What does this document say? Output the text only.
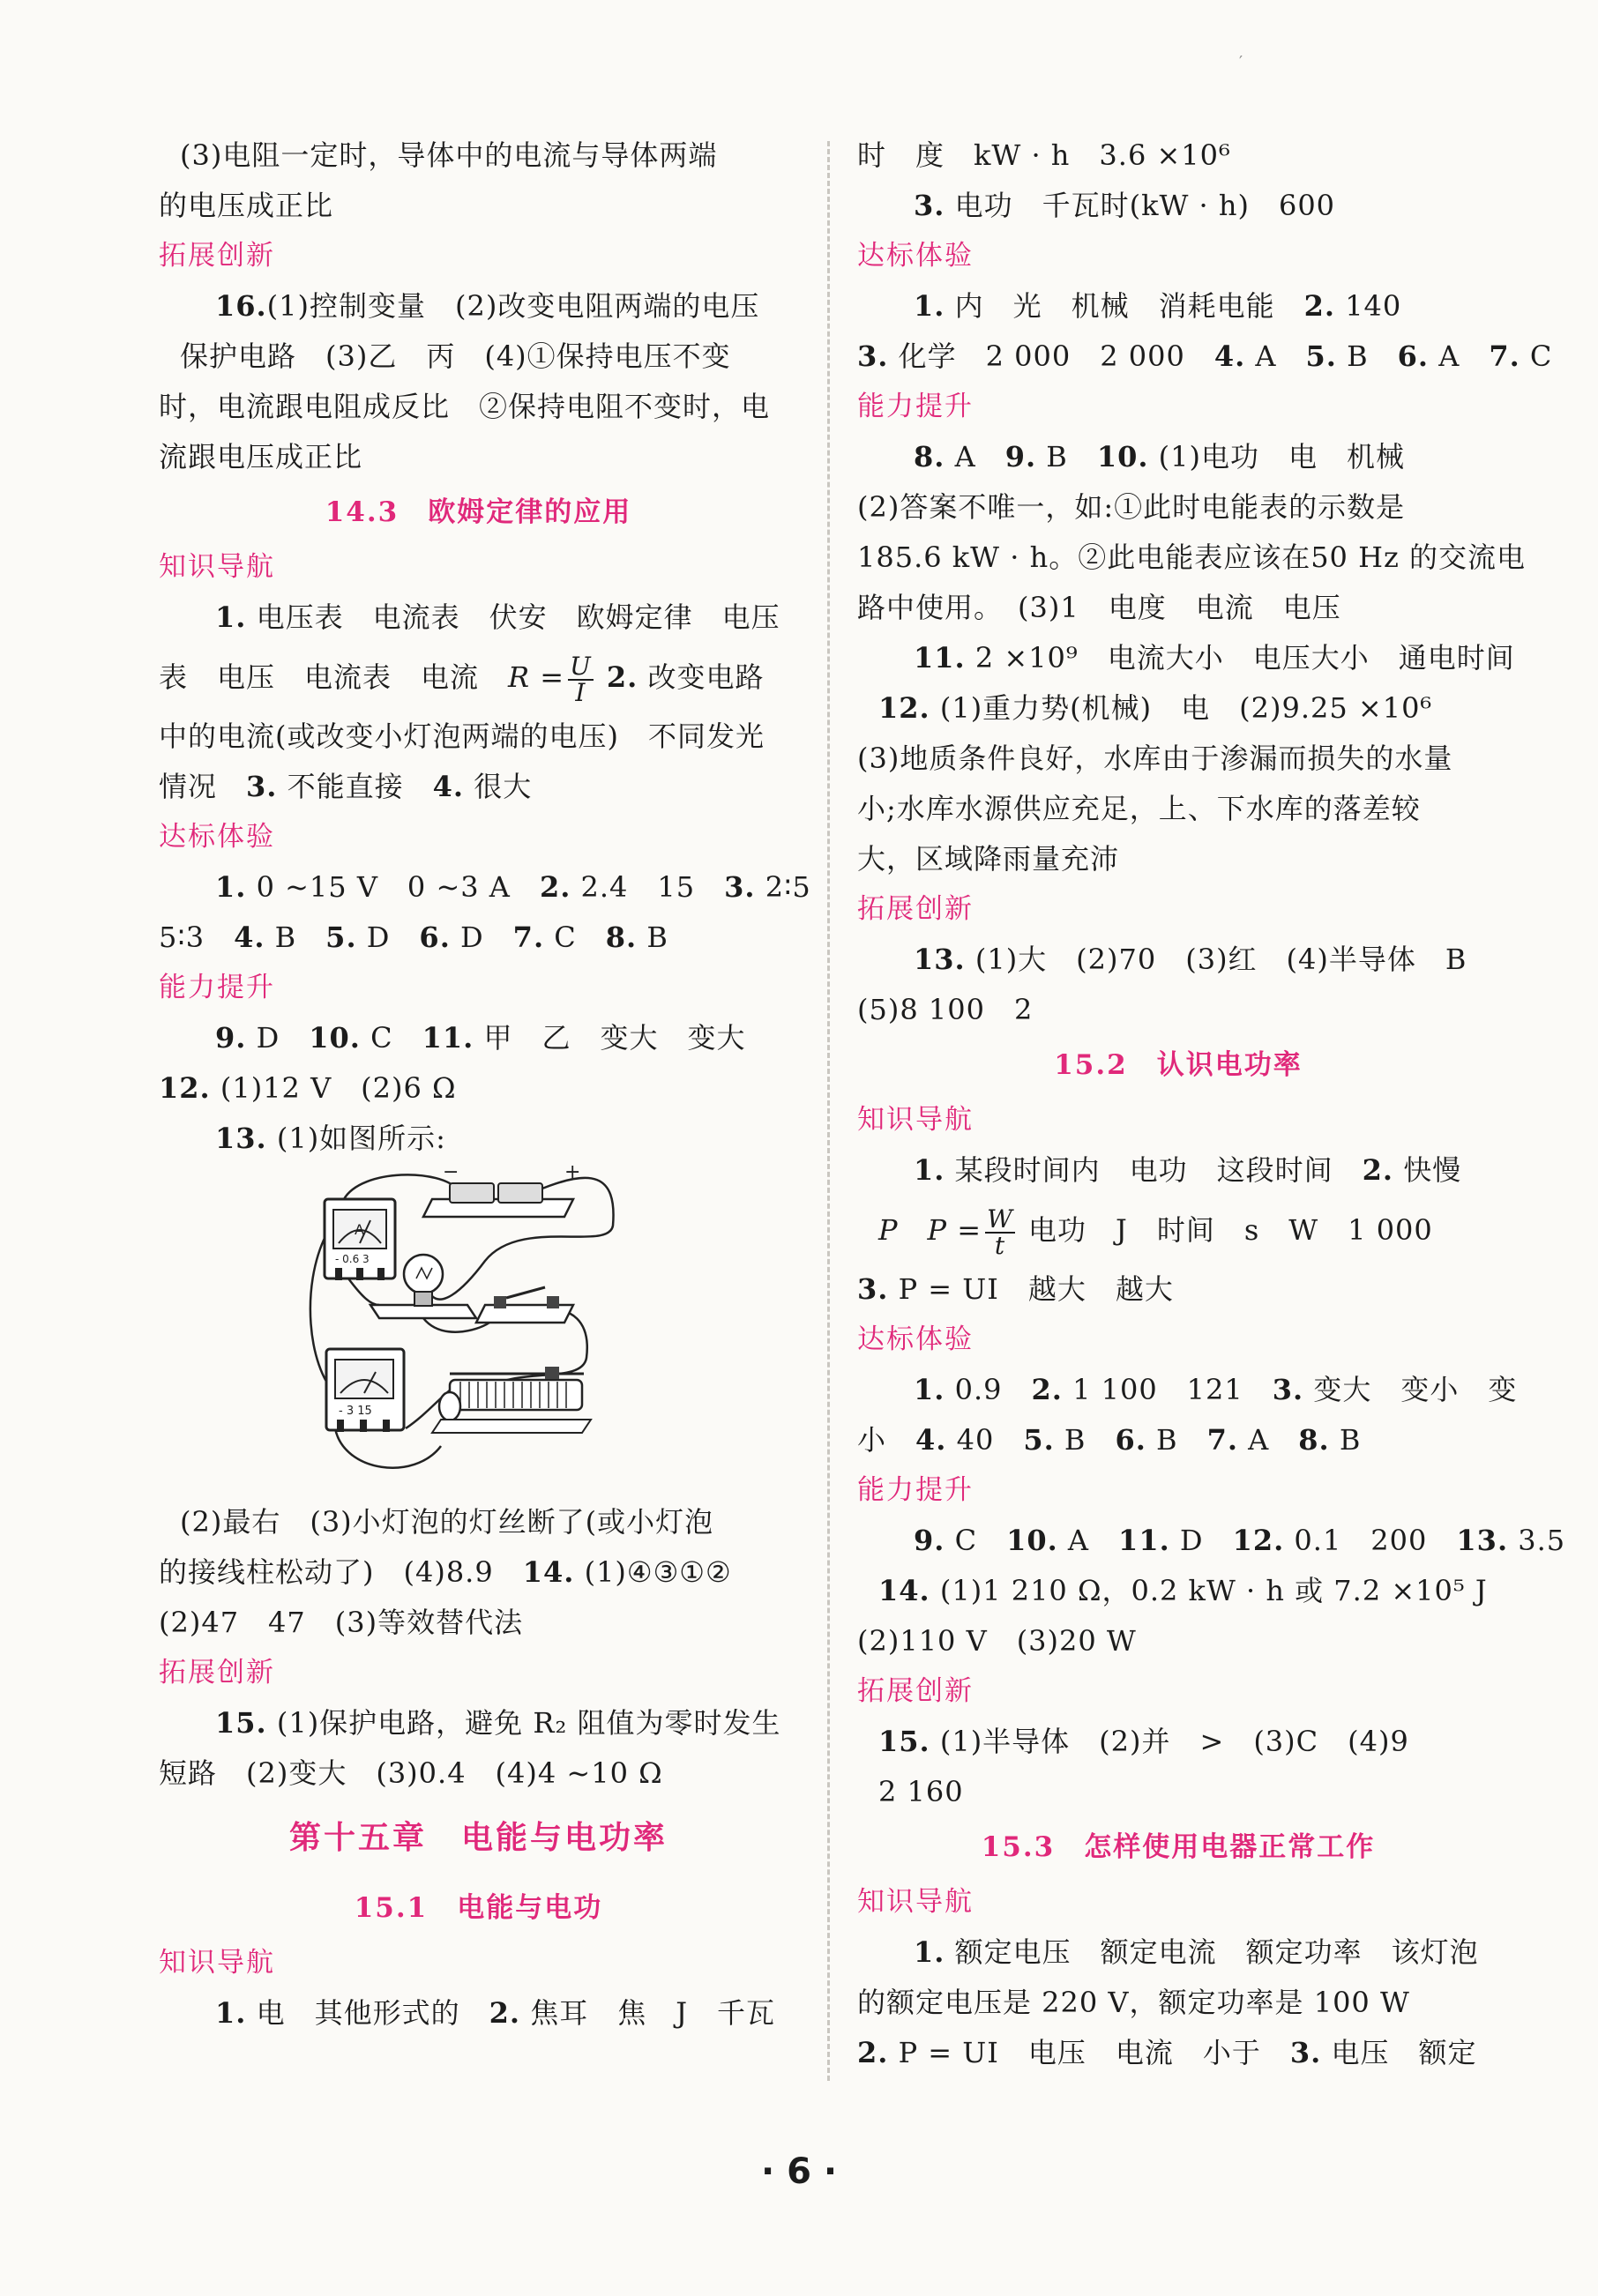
′
(3)电阻一定时，导体中的电流与导体两端
的电压成正比
拓展创新
16.(1)控制变量　(2)改变电阻两端的电压
保护电路　(3)乙　丙　(4)①保持电压不变
时，电流跟电阻成反比　②保持电阻不变时，电
流跟电压成正比
14.3　欧姆定律的应用
知识导航
1. 电压表　电流表　伏安　欧姆定律　电压
表　电压　电流表　电流　$R = \frac{U}{I} 2$. 改变电路
中的电流(或改变小灯泡两端的电压)　不同发光
情况　 3. 不能直接　 4. 很大
达标体验
1. 0 ~15 V　0 ~3 A　 2. 2.4　15　 3. 2∶5
5∶3　 4. B　 5. D　 6. D　 7. C　 8. B
能力提升
9. D　 10. C　 11. 甲　乙　变大　变大
12. (1)12 V　(2)6 Ω
13. (1)如图所示:
A
- 0.6 3
−	+
- 3 15
(2)最右　(3)小灯泡的灯丝断了(或小灯泡
的接线柱松动了)　(4)8.9　 14. (1)④③①②
(2)47　47　(3)等效替代法
拓展创新
15. (1)保护电路，避免 R₂ 阻值为零时发生
短路　(2)变大　(3)0.4　(4)4 ~10 Ω
第十五章　电能与电功率
15.1　电能与电功
知识导航
1. 电　其他形式的　 2. 焦耳　焦　J　千瓦
时　度　kW · h　3.6 ×10⁶
3. 电功　千瓦时(kW · h)　600
达标体验
1. 内　光　机械　消耗电能　 2. 140
3. 化学　2 000　2 000　 4. A　 5. B　 6. A　 7. C
能力提升
8. A　 9. B　 10. (1)电功　电　机械
(2)答案不唯一，如:①此时电能表的示数是
185.6 kW · h。②此电能表应该在50 Hz 的交流电
路中使用。　(3)1　电度　电流　电压
11. 2 ×10⁹　电流大小　电压大小　通电时间
12. (1)重力势(机械)　电　(2)9.25 ×10⁶
(3)地质条件良好，水库由于渗漏而损失的水量
小;水库水源供应充足，上、下水库的落差较
大，区域降雨量充沛
拓展创新
13. (1)大　(2)70　(3)红　(4)半导体　B
(5)8 100　2
15.2　认识电功率
知识导航
1. 某段时间内　电功　这段时间　 2. 快慢
P　$P = \frac{W}{t}$ 电功　J　时间　s　W　1 000
3. P = UI　越大　越大
达标体验
1. 0.9　 2. 1 100　121　 3. 变大　变小　变
小　 4. 40　 5. B　 6. B　 7. A　 8. B
能力提升
9. C　 10. A　 11. D　 12. 0.1　200　 13. 3.5
14. (1)1 210 Ω，0.2 kW · h 或 7.2 ×10⁵ J
(2)110 V　(3)20 W
拓展创新
15. (1)半导体　(2)并　>　(3)C　(4)9
2 160
15.3　怎样使用电器正常工作
知识导航
1. 额定电压　额定电流　额定功率　该灯泡
的额定电压是 220 V，额定功率是 100 W
2. P = UI　电压　电流　小于　 3. 电压　额定
· 6 ·
